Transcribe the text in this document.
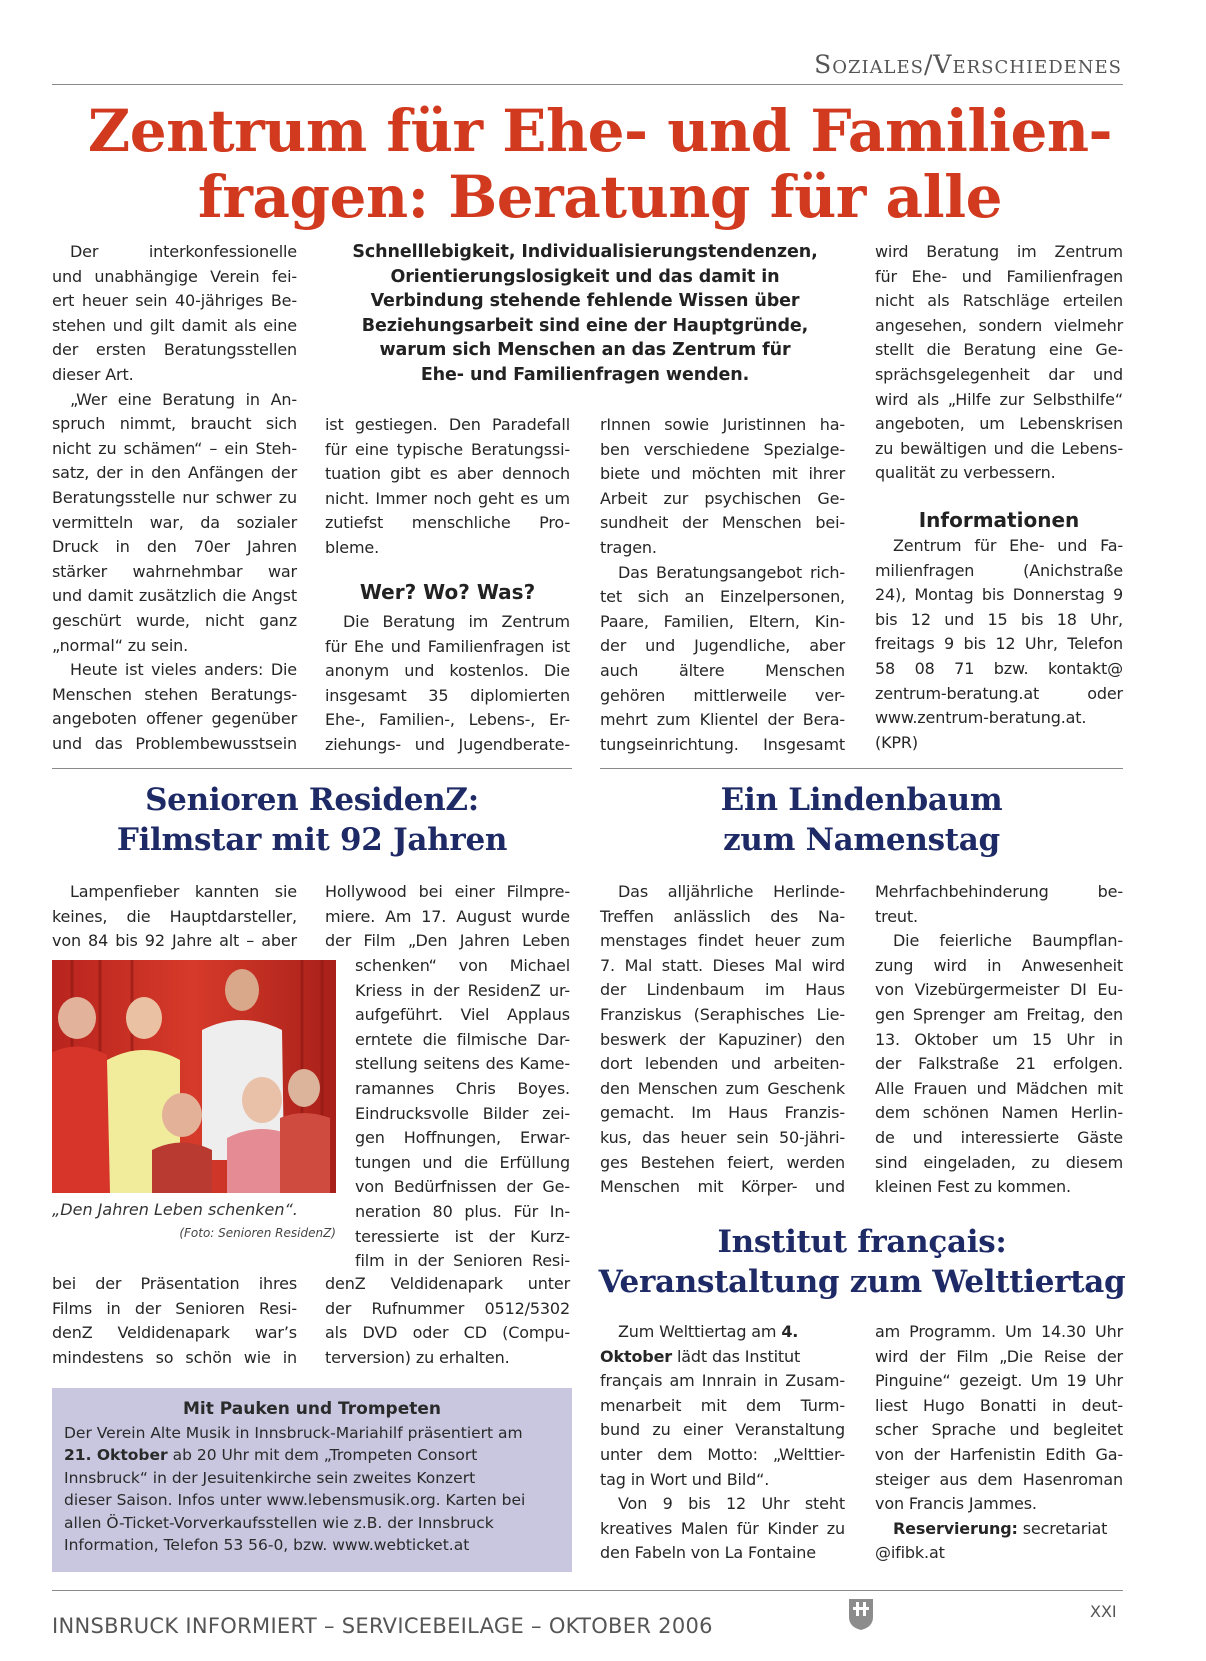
Soziales/Verschiedenes
Zentrum für Ehe- und Familien-
fragen: Beratung für alle
Der interkonfessionelle
und unabhängige Verein fei-
ert heuer sein 40-jähriges Be-
stehen und gilt damit als eine
der ersten Beratungsstellen
dieser Art.
„Wer eine Beratung in An-
spruch nimmt, braucht sich
nicht zu schämen“ – ein Steh-
satz, der in den Anfängen der
Beratungsstelle nur schwer zu
vermitteln war, da sozialer
Druck in den 70er Jahren
stärker wahrnehmbar war
und damit zusätzlich die Angst
geschürt wurde, nicht ganz
„normal“ zu sein.
Heute ist vieles anders: Die
Menschen stehen Beratungs-
angeboten offener gegenüber
und das Problembewusstsein
Schnelllebigkeit, Individualisierungstendenzen,
Orientierungslosigkeit und das damit in
Verbindung stehende fehlende Wissen über
Beziehungsarbeit sind eine der Hauptgründe,
warum sich Menschen an das Zentrum für
Ehe- und Familienfragen wenden.
ist gestiegen. Den Paradefall
für eine typische Beratungssi-
tuation gibt es aber dennoch
nicht. Immer noch geht es um
zutiefst menschliche Pro-
bleme.
Wer? Wo? Was?
Die Beratung im Zentrum
für Ehe und Familienfragen ist
anonym und kostenlos. Die
insgesamt 35 diplomierten
Ehe-, Familien-, Lebens-, Er-
ziehungs- und Jugendberate-
rInnen sowie Juristinnen ha-
ben verschiedene Spezialge-
biete und möchten mit ihrer
Arbeit zur psychischen Ge-
sundheit der Menschen bei-
tragen.
Das Beratungsangebot rich-
tet sich an Einzelpersonen,
Paare, Familien, Eltern, Kin-
der und Jugendliche, aber
auch ältere Menschen
gehören mittlerweile ver-
mehrt zum Klientel der Bera-
tungseinrichtung. Insgesamt
wird Beratung im Zentrum
für Ehe- und Familienfragen
nicht als Ratschläge erteilen
angesehen, sondern vielmehr
stellt die Beratung eine Ge-
sprächsgelegenheit dar und
wird als „Hilfe zur Selbsthilfe“
angeboten, um Lebenskrisen
zu bewältigen und die Lebens-
qualität zu verbessern.
Informationen
Zentrum für Ehe- und Fa-
milienfragen (Anichstraße
24), Montag bis Donnerstag 9
bis 12 und 15 bis 18 Uhr,
freitags 9 bis 12 Uhr, Telefon
58 08 71 bzw. kontakt@
zentrum-beratung.at oder
www.zentrum-beratung.at.
(KPR)
Senioren ResidenZ:
Filmstar mit 92 Jahren
Lampenfieber kannten sie
keines, die Hauptdarsteller,
von 84 bis 92 Jahre alt – aber
„Den Jahren Leben schenken“.
(Foto: Senioren ResidenZ)
bei der Präsentation ihres
Films in der Senioren Resi-
denZ Veldidenapark war’s
mindestens so schön wie in
Hollywood bei einer Filmpre-
miere. Am 17. August wurde
der Film „Den Jahren Leben
schenken“ von Michael
Kriess in der ResidenZ ur-
aufgeführt. Viel Applaus
erntete die filmische Dar-
stellung seitens des Kame-
ramannes Chris Boyes.
Eindrucksvolle Bilder zei-
gen Hoffnungen, Erwar-
tungen und die Erfüllung
von Bedürfnissen der Ge-
neration 80 plus. Für In-
teressierte ist der Kurz-
film in der Senioren Resi-
denZ Veldidenapark unter
der Rufnummer 0512/5302
als DVD oder CD (Compu-
terversion) zu erhalten.
Mit Pauken und Trompeten
Der Verein Alte Musik in Innsbruck-Mariahilf präsentiert am
21. Oktober ab 20 Uhr mit dem „Trompeten Consort
Innsbruck“ in der Jesuitenkirche sein zweites Konzert
dieser Saison. Infos unter www.lebensmusik.org. Karten bei
allen Ö-Ticket-Vorverkaufsstellen wie z.B. der Innsbruck
Information, Telefon 53 56-0, bzw. www.webticket.at
Ein Lindenbaum
zum Namenstag
Das alljährliche Herlinde-
Treffen anlässlich des Na-
menstages findet heuer zum
7. Mal statt. Dieses Mal wird
der Lindenbaum im Haus
Franziskus (Seraphisches Lie-
beswerk der Kapuziner) den
dort lebenden und arbeiten-
den Menschen zum Geschenk
gemacht. Im Haus Franzis-
kus, das heuer sein 50-jähri-
ges Bestehen feiert, werden
Menschen mit Körper- und
Mehrfachbehinderung be-
treut.
Die feierliche Baumpflan-
zung wird in Anwesenheit
von Vizebürgermeister DI Eu-
gen Sprenger am Freitag, den
13. Oktober um 15 Uhr in
der Falkstraße 21 erfolgen.
Alle Frauen und Mädchen mit
dem schönen Namen Herlin-
de und interessierte Gäste
sind eingeladen, zu diesem
kleinen Fest zu kommen.
Institut français:
Veranstaltung zum Welttiertag
Zum Welttiertag am 4.
Oktober lädt das Institut
français am Innrain in Zusam-
menarbeit mit dem Turm-
bund zu einer Veranstaltung
unter dem Motto: „Welttier-
tag in Wort und Bild“.
Von 9 bis 12 Uhr steht
kreatives Malen für Kinder zu
den Fabeln von La Fontaine
am Programm. Um 14.30 Uhr
wird der Film „Die Reise der
Pinguine“ gezeigt. Um 19 Uhr
liest Hugo Bonatti in deut-
scher Sprache und begleitet
von der Harfenistin Edith Ga-
steiger aus dem Hasenroman
von Francis Jammes.
Reservierung: secretariat
@ifibk.at
INNSBRUCK INFORMIERT – SERVICEBEILAGE – OKTOBER 2006
XXI
